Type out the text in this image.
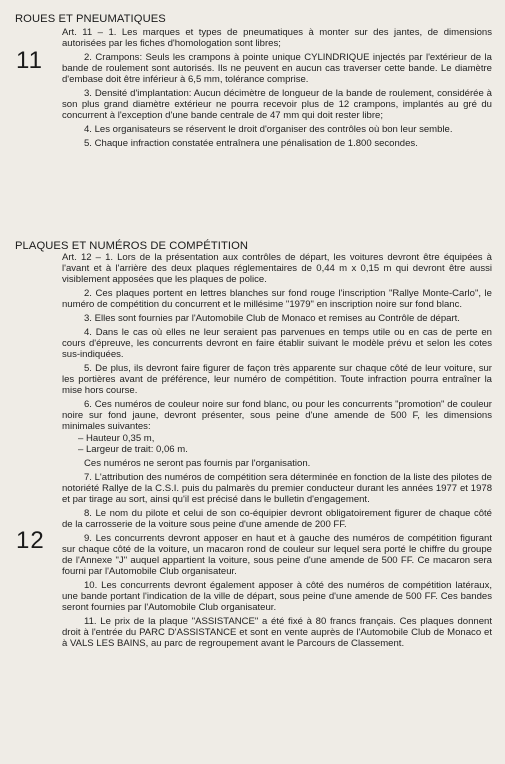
ROUES ET PNEUMATIQUES
11

Art. 11 – 1. Les marques et types de pneumatiques à monter sur des jantes, de dimensions autorisées par les fiches d'homologation sont libres;

2. Crampons: Seuls les crampons à pointe unique CYLINDRIQUE injectés par l'extérieur de la bande de roulement sont autorisés. Ils ne peuvent en aucun cas traverser cette bande. Le diamètre d'embase doit être inférieur à 6,5 mm, tolérance comprise.

3. Densité d'implantation: Aucun décimètre de longueur de la bande de roulement, considérée à son plus grand diamètre extérieur ne pourra recevoir plus de 12 crampons, implantés au gré du concurrent à l'exception d'une bande centrale de 47 mm qui doit rester libre;

4. Les organisateurs se réservent le droit d'organiser des contrôles où bon leur semble.

5. Chaque infraction constatée entraînera une pénalisation de 1.800 secondes.

PLAQUES ET NUMÉROS DE COMPÉTITION
12

Art. 12 – 1. Lors de la présentation aux contrôles de départ, les voitures devront être équipées à l'avant et à l'arrière des deux plaques réglementaires de 0,44 m x 0,15 m qui devront être aussi visiblement apposées que les plaques de police.

2. Ces plaques portent en lettres blanches sur fond rouge l'inscription "Rallye Monte-Carlo", le numéro de compétition du concurrent et le millésime "1979" en inscription noire sur fond blanc.

3. Elles sont fournies par l'Automobile Club de Monaco et remises au Contrôle de départ.

4. Dans le cas où elles ne leur seraient pas parvenues en temps utile ou en cas de perte en cours d'épreuve, les concurrents devront en faire établir suivant le modèle prévu et selon les cotes sus-indiquées.

5. De plus, ils devront faire figurer de façon très apparente sur chaque côté de leur voiture, sur les portières avant de préférence, leur numéro de compétition. Toute infraction pourra entraîner la mise hors course.

6. Ces numéros de couleur noire sur fond blanc, ou pour les concurrents "promotion" de couleur noire sur fond jaune, devront présenter, sous peine d'une amende de 500 F, les dimensions minimales suivantes:

– Hauteur 0,35 m,

– Largeur de trait: 0,06 m.

Ces numéros ne seront pas fournis par l'organisation.

7. L'attribution des numéros de compétition sera déterminée en fonction de la liste des pilotes de notoriété Rallye de la C.S.I. puis du palmarès du premier conducteur durant les années 1977 et 1978 et par tirage au sort, ainsi qu'il est précisé dans le bulletin d'engagement.

8. Le nom du pilote et celui de son co-équipier devront obligatoirement figurer de chaque côté de la carrosserie de la voiture sous peine d'une amende de 200 FF.

9. Les concurrents devront apposer en haut et à gauche des numéros de compétition figurant sur chaque côté de la voiture, un macaron rond de couleur sur lequel sera porté le chiffre du groupe de l'Annexe "J" auquel appartient la voiture, sous peine d'une amende de 500 FF. Ce macaron sera fourni par l'Automobile Club organisateur.

10. Les concurrents devront également apposer à côté des numéros de compétition latéraux, une bande portant l'indication de la ville de départ, sous peine d'une amende de 500 FF. Ces bandes seront fournies par l'Automobile Club organisateur.

11. Le prix de la plaque "ASSISTANCE" a été fixé à 80 francs français. Ces plaques donnent droit à l'entrée du PARC D'ASSISTANCE et sont en vente auprès de l'Automobile Club de Monaco et à VALS LES BAINS, au parc de regroupement avant le Parcours de Classement.
